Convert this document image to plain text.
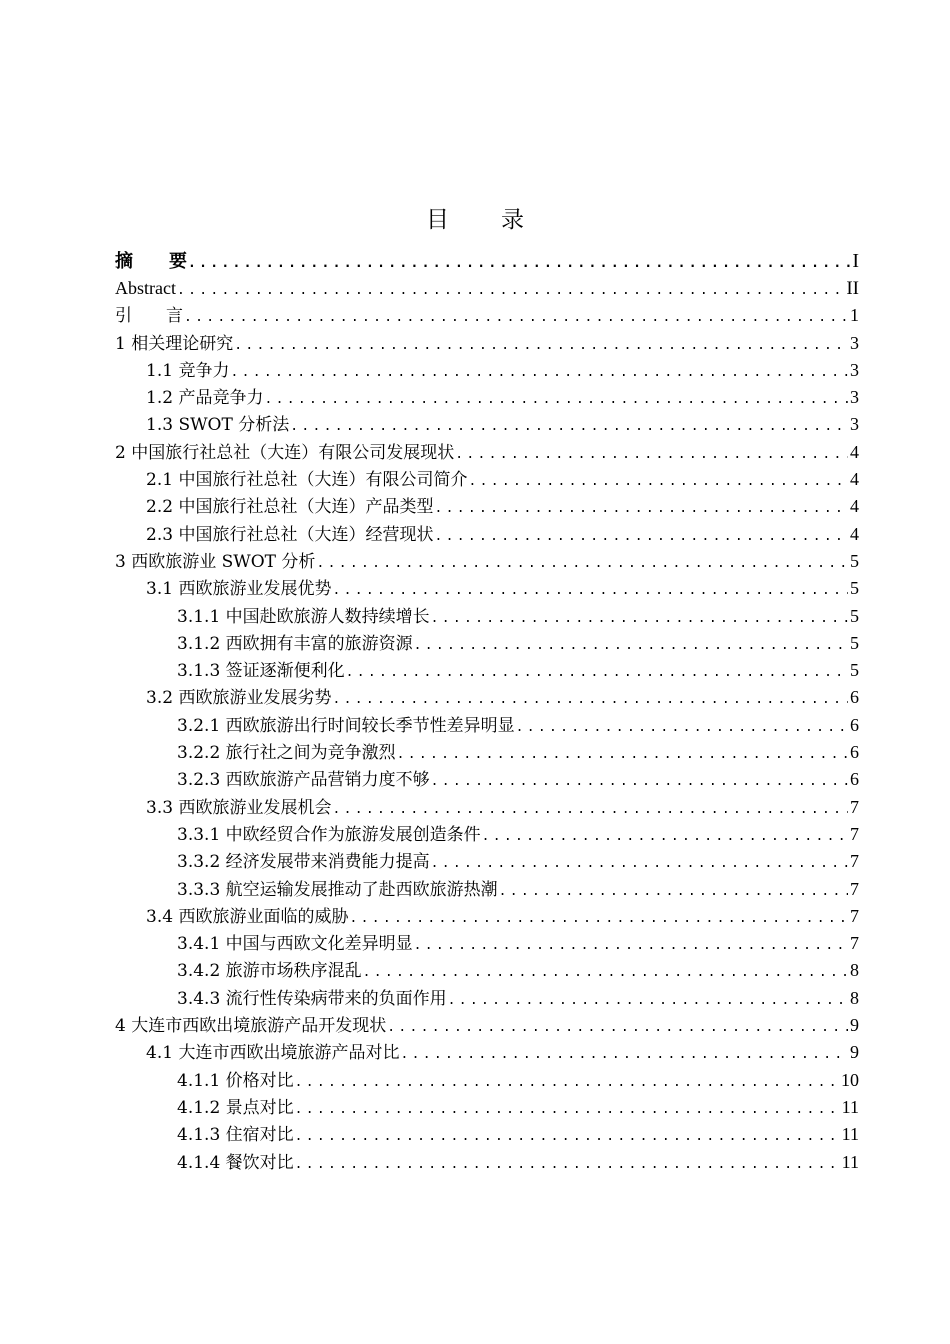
目 录
摘　　要 .....	I
Abstract .....	II
引　　言 .....	1
1 相关理论研究 .....	3
1.1 竞争力 .....	3
1.2 产品竞争力 .....	3
1.3 SWOT 分析法 .....	3
2 中国旅行社总社（大连）有限公司发展现状 .....	4
2.1 中国旅行社总社（大连）有限公司简介 .....	4
2.2 中国旅行社总社（大连）产品类型 .....	4
2.3 中国旅行社总社（大连）经营现状 .....	4
3 西欧旅游业 SWOT 分析 .....	5
3.1 西欧旅游业发展优势 .....	5
3.1.1 中国赴欧旅游人数持续增长 .....	5
3.1.2 西欧拥有丰富的旅游资源 .....	5
3.1.3 签证逐渐便利化 .....	5
3.2 西欧旅游业发展劣势 .....	6
3.2.1 西欧旅游出行时间较长季节性差异明显 .....	6
3.2.2 旅行社之间为竞争激烈 .....	6
3.2.3 西欧旅游产品营销力度不够 .....	6
3.3 西欧旅游业发展机会 .....	7
3.3.1 中欧经贸合作为旅游发展创造条件 .....	7
3.3.2 经济发展带来消费能力提高 .....	7
3.3.3 航空运输发展推动了赴西欧旅游热潮 .....	7
3.4 西欧旅游业面临的威胁 .....	7
3.4.1 中国与西欧文化差异明显 .....	7
3.4.2 旅游市场秩序混乱 .....	8
3.4.3 流行性传染病带来的负面作用 .....	8
4 大连市西欧出境旅游产品开发现状 .....	9
4.1 大连市西欧出境旅游产品对比 .....	9
4.1.1 价格对比 .....	10
4.1.2 景点对比 .....	11
4.1.3 住宿对比 .....	11
4.1.4 餐饮对比 .....	11
